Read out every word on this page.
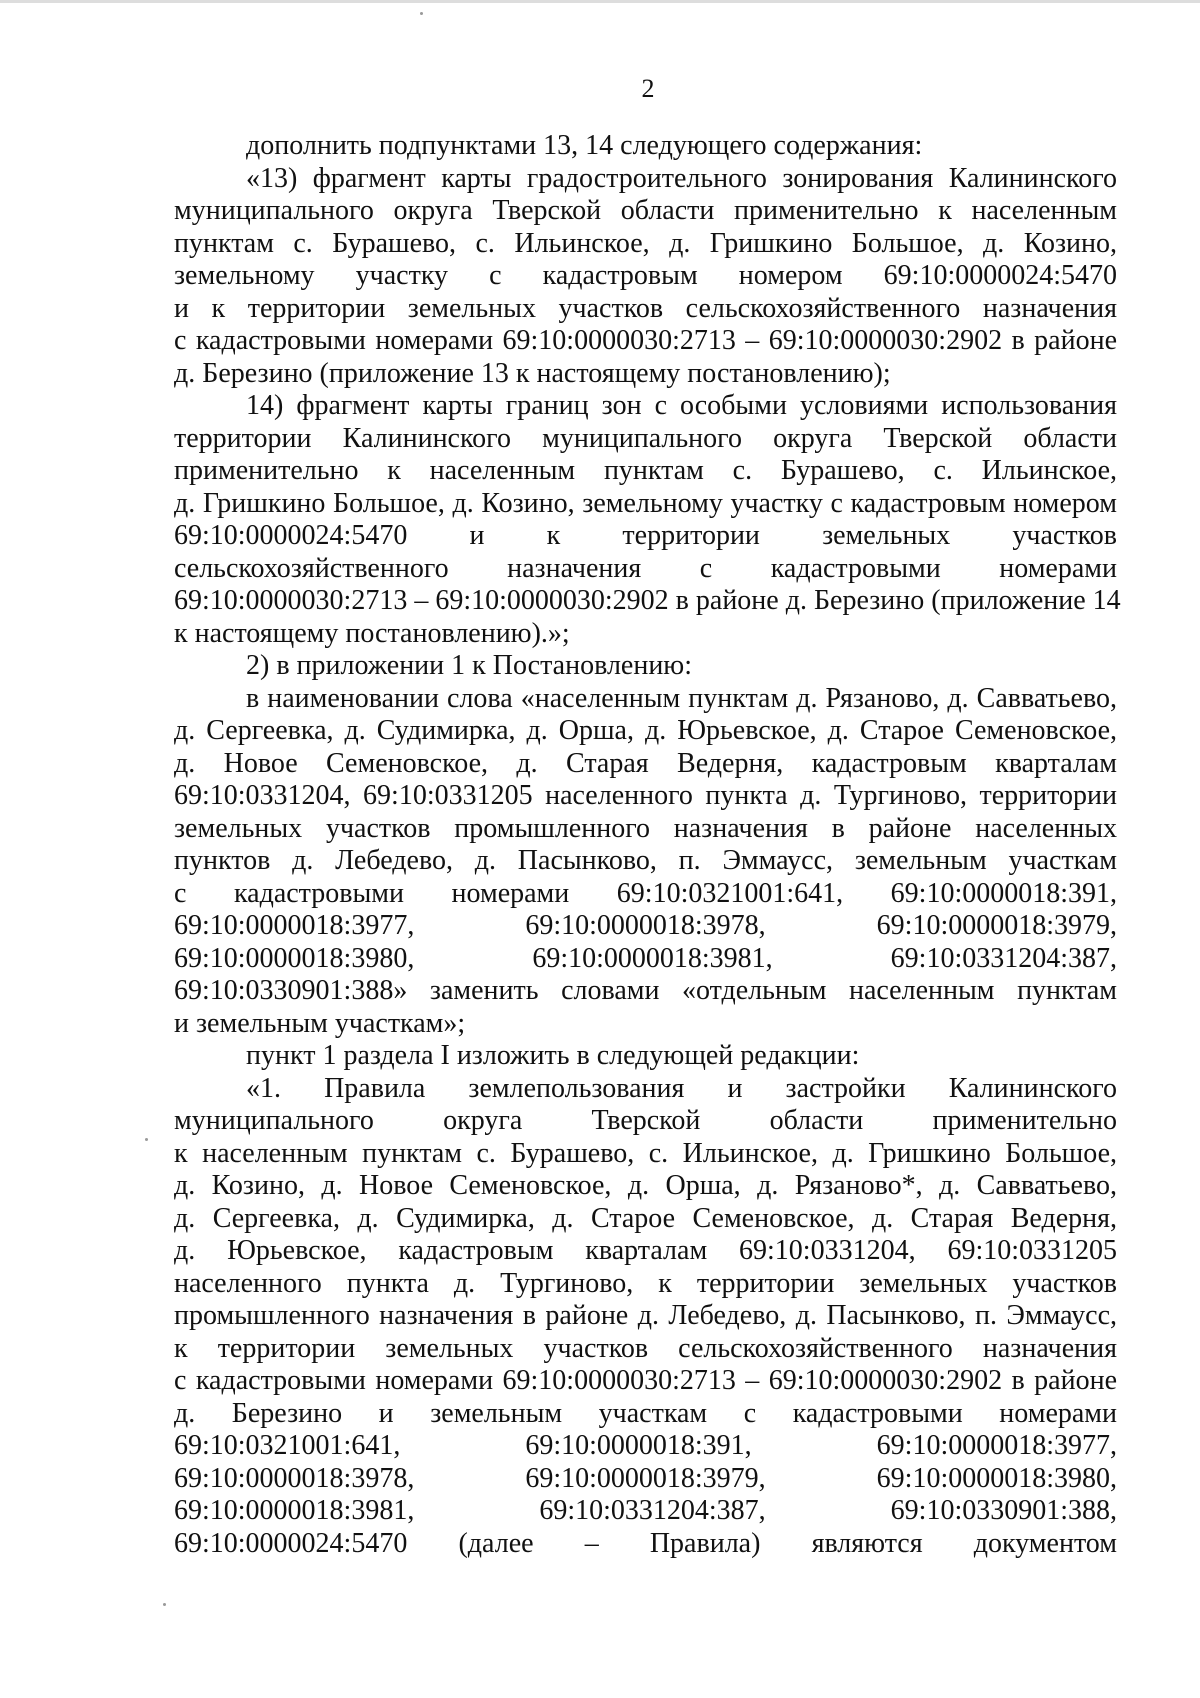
2
дополнить подпунктами 13, 14 следующего содержания:
«13) фрагмент карты градостроительного зонирования Калининского
муниципального округа Тверской области применительно к населенным
пунктам с. Бурашево, с. Ильинское, д. Гришкино Большое, д. Козино,
земельному участку с кадастровым номером 69:10:0000024:5470
и к территории земельных участков сельскохозяйственного назначения
с кадастровыми номерами 69:10:0000030:2713 – 69:10:0000030:2902 в районе
д. Березино (приложение 13 к настоящему постановлению);
14) фрагмент карты границ зон с особыми условиями использования
территории Калининского муниципального округа Тверской области
применительно к населенным пунктам с. Бурашево, с. Ильинское,
д. Гришкино Большое, д. Козино, земельному участку с кадастровым номером
69:10:0000024:5470 и к территории земельных участков
сельскохозяйственного назначения с кадастровыми номерами
69:10:0000030:2713 – 69:10:0000030:2902 в районе д. Березино (приложение 14
к настоящему постановлению).»;
2) в приложении 1 к Постановлению:
в наименовании слова «населенным пунктам д. Рязаново, д. Савватьево,
д. Сергеевка, д. Судимирка, д. Орша, д. Юрьевское, д. Старое Семеновское,
д. Новое Семеновское, д. Старая Ведерня, кадастровым кварталам
69:10:0331204, 69:10:0331205 населенного пункта д. Тургиново, территории
земельных участков промышленного назначения в районе населенных
пунктов д. Лебедево, д. Пасынково, п. Эммаусс, земельным участкам
с кадастровыми номерами 69:10:0321001:641, 69:10:0000018:391,
69:10:0000018:3977, 69:10:0000018:3978, 69:10:0000018:3979,
69:10:0000018:3980, 69:10:0000018:3981, 69:10:0331204:387,
69:10:0330901:388» заменить словами «отдельным населенным пунктам
и земельным участкам»;
пункт 1 раздела I изложить в следующей редакции:
«1. Правила землепользования и застройки Калининского
муниципального округа Тверской области применительно
к населенным пунктам с. Бурашево, с. Ильинское, д. Гришкино Большое,
д. Козино, д. Новое Семеновское, д. Орша, д. Рязаново*, д. Савватьево,
д. Сергеевка, д. Судимирка, д. Старое Семеновское, д. Старая Ведерня,
д. Юрьевское, кадастровым кварталам 69:10:0331204, 69:10:0331205
населенного пункта д. Тургиново, к территории земельных участков
промышленного назначения в районе д. Лебедево, д. Пасынково, п. Эммаусс,
к территории земельных участков сельскохозяйственного назначения
с кадастровыми номерами 69:10:0000030:2713 – 69:10:0000030:2902 в районе
д. Березино и земельным участкам с кадастровыми номерами
69:10:0321001:641, 69:10:0000018:391, 69:10:0000018:3977,
69:10:0000018:3978, 69:10:0000018:3979, 69:10:0000018:3980,
69:10:0000018:3981, 69:10:0331204:387, 69:10:0330901:388,
69:10:0000024:5470 (далее – Правила) являются документом
